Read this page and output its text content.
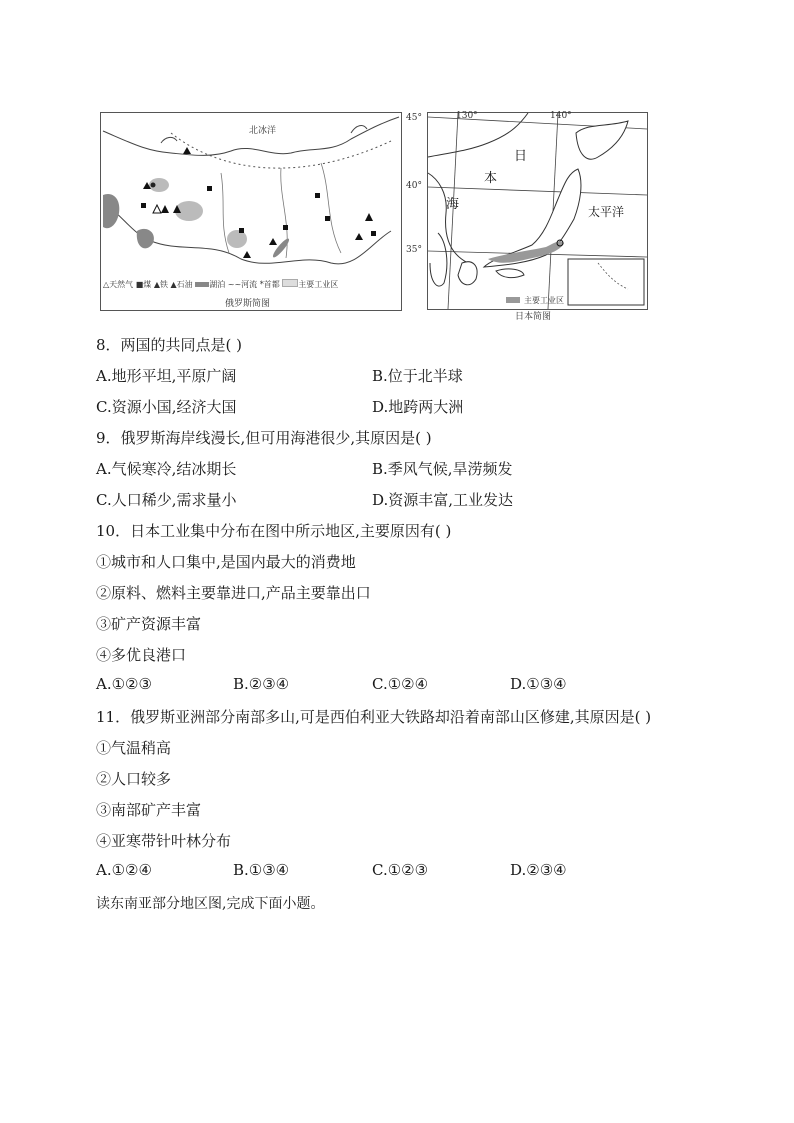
北冰洋
△天然气 ■煤 ▲铁 ▲石油 湖泊 ~~河流 *首都 主要工业区
俄罗斯简图
130°	140°
45°
40°
35°
日
本
海	太平洋
主要工业区
日本简图
8．两国的共同点是( )
A.地形平坦,平原广阔	B.位于北半球
C.资源小国,经济大国	D.地跨两大洲
9．俄罗斯海岸线漫长,但可用海港很少,其原因是( )
A.气候寒冷,结冰期长	B.季风气候,旱涝频发
C.人口稀少,需求量小	D.资源丰富,工业发达
10．日本工业集中分布在图中所示地区,主要原因有( )
①城市和人口集中,是国内最大的消费地
②原料、燃料主要靠进口,产品主要靠出口
③矿产资源丰富
④多优良港口
A.①②③	B.②③④	C.①②④	D.①③④
11．俄罗斯亚洲部分南部多山,可是西伯利亚大铁路却沿着南部山区修建,其原因是( )
①气温稍高
②人口较多
③南部矿产丰富
④亚寒带针叶林分布
A.①②④	B.①③④	C.①②③	D.②③④
读东南亚部分地区图,完成下面小题。
